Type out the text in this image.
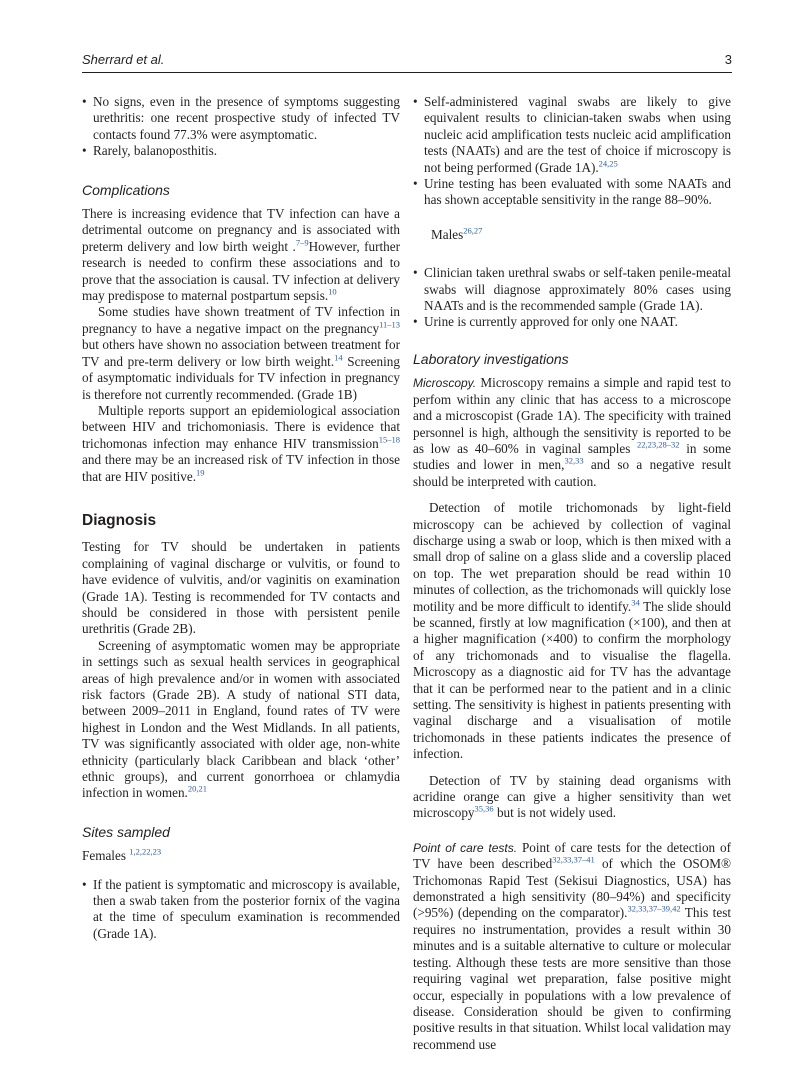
Sherrard et al.	3
• No signs, even in the presence of symptoms suggesting urethritis: one recent prospective study of infected TV contacts found 77.3% were asymptomatic.
• Rarely, balanoposthitis.
Complications

There is increasing evidence that TV infection can have a detrimental outcome on pregnancy and is associated with preterm delivery and low birth weight .$^{7-9}$However, further research is needed to confirm these associations and to prove that the association is causal. TV infection at delivery may predispose to maternal postpartum sepsis.$^{10}$

Some studies have shown treatment of TV infection in pregnancy to have a negative impact on the pregnancy$^{11-13}$ but others have shown no association between treatment for TV and pre-term delivery or low birth weight.$^{14}$ Screening of asymptomatic individuals for TV infection in pregnancy is therefore not currently recommended. (Grade 1B)

Multiple reports support an epidemiological association between HIV and trichomoniasis. There is evidence that trichomonas infection may enhance HIV transmission$^{15-18}$ and there may be an increased risk of TV infection in those that are HIV positive.$^{19}$

Diagnosis

Testing for TV should be undertaken in patients complaining of vaginal discharge or vulvitis, or found to have evidence of vulvitis, and/or vaginitis on examination (Grade 1A). Testing is recommended for TV contacts and should be considered in those with persistent penile urethritis (Grade 2B).

Screening of asymptomatic women may be appropriate in settings such as sexual health services in geographical areas of high prevalence and/or in women with associated risk factors (Grade 2B). A study of national STI data, between 2009–2011 in England, found rates of TV were highest in London and the West Midlands. In all patients, TV was significantly associated with older age, non-white ethnicity (particularly black Caribbean and black ‘other’ ethnic groups), and current gonorrhoea or chlamydia infection in women.$^{20,21}$

Sites sampled

Females $^{1,2,22,23}$

• If the patient is symptomatic and microscopy is available, then a swab taken from the posterior fornix of the vagina at the time of speculum examination is recommended (Grade 1A).
• Self-administered vaginal swabs are likely to give equivalent results to clinician-taken swabs when using nucleic acid amplification tests nucleic acid amplification tests (NAATs) and are the test of choice if microscopy is not being performed (Grade 1A).$^{24,25}$
• Urine testing has been evaluated with some NAATs and has shown acceptable sensitivity in the range 88–90%.

Males$^{26,27}$

• Clinician taken urethral swabs or self-taken penile-meatal swabs will diagnose approximately 80% cases using NAATs and is the recommended sample (Grade 1A).
• Urine is currently approved for only one NAAT.
Laboratory investigations

Microscopy. Microscopy remains a simple and rapid test to perfom within any clinic that has access to a microscope and a microscopist (Grade 1A). The specificity with trained personnel is high, although the sensitivity is reported to be as low as 40–60% in vaginal samples $^{22,23,28-32}$ in some studies and lower in men,$^{32,33}$ and so a negative result should be interpreted with caution.

Detection of motile trichomonads by light-field microscopy can be achieved by collection of vaginal discharge using a swab or loop, which is then mixed with a small drop of saline on a glass slide and a coverslip placed on top. The wet preparation should be read within 10 minutes of collection, as the trichomonads will quickly lose motility and be more difficult to identify.$^{34}$ The slide should be scanned, firstly at low magnification (×100), and then at a higher magnification (×400) to confirm the morphology of any trichomonads and to visualise the flagella. Microscopy as a diagnostic aid for TV has the advantage that it can be performed near to the patient and in a clinic setting. The sensitivity is highest in patients presenting with vaginal discharge and a visualisation of motile trichomonads in these patients indicates the presence of infection.

Detection of TV by staining dead organisms with acridine orange can give a higher sensitivity than wet microscopy$^{35,36}$ but is not widely used.

Point of care tests. Point of care tests for the detection of TV have been described$^{32,33,37-41}$ of which the OSOM® Trichomonas Rapid Test (Sekisui Diagnostics, USA) has demonstrated a high sensitivity (80–94%) and specificity (>95%) (depending on the comparator).$^{32,33,37-39,42}$ This test requires no instrumentation, provides a result within 30 minutes and is a suitable alternative to culture or molecular testing. Although these tests are more sensitive than those requiring vaginal wet preparation, false positive might occur, especially in populations with a low prevalence of disease. Consideration should be given to confirming positive results in that situation. Whilst local validation may recommend use
